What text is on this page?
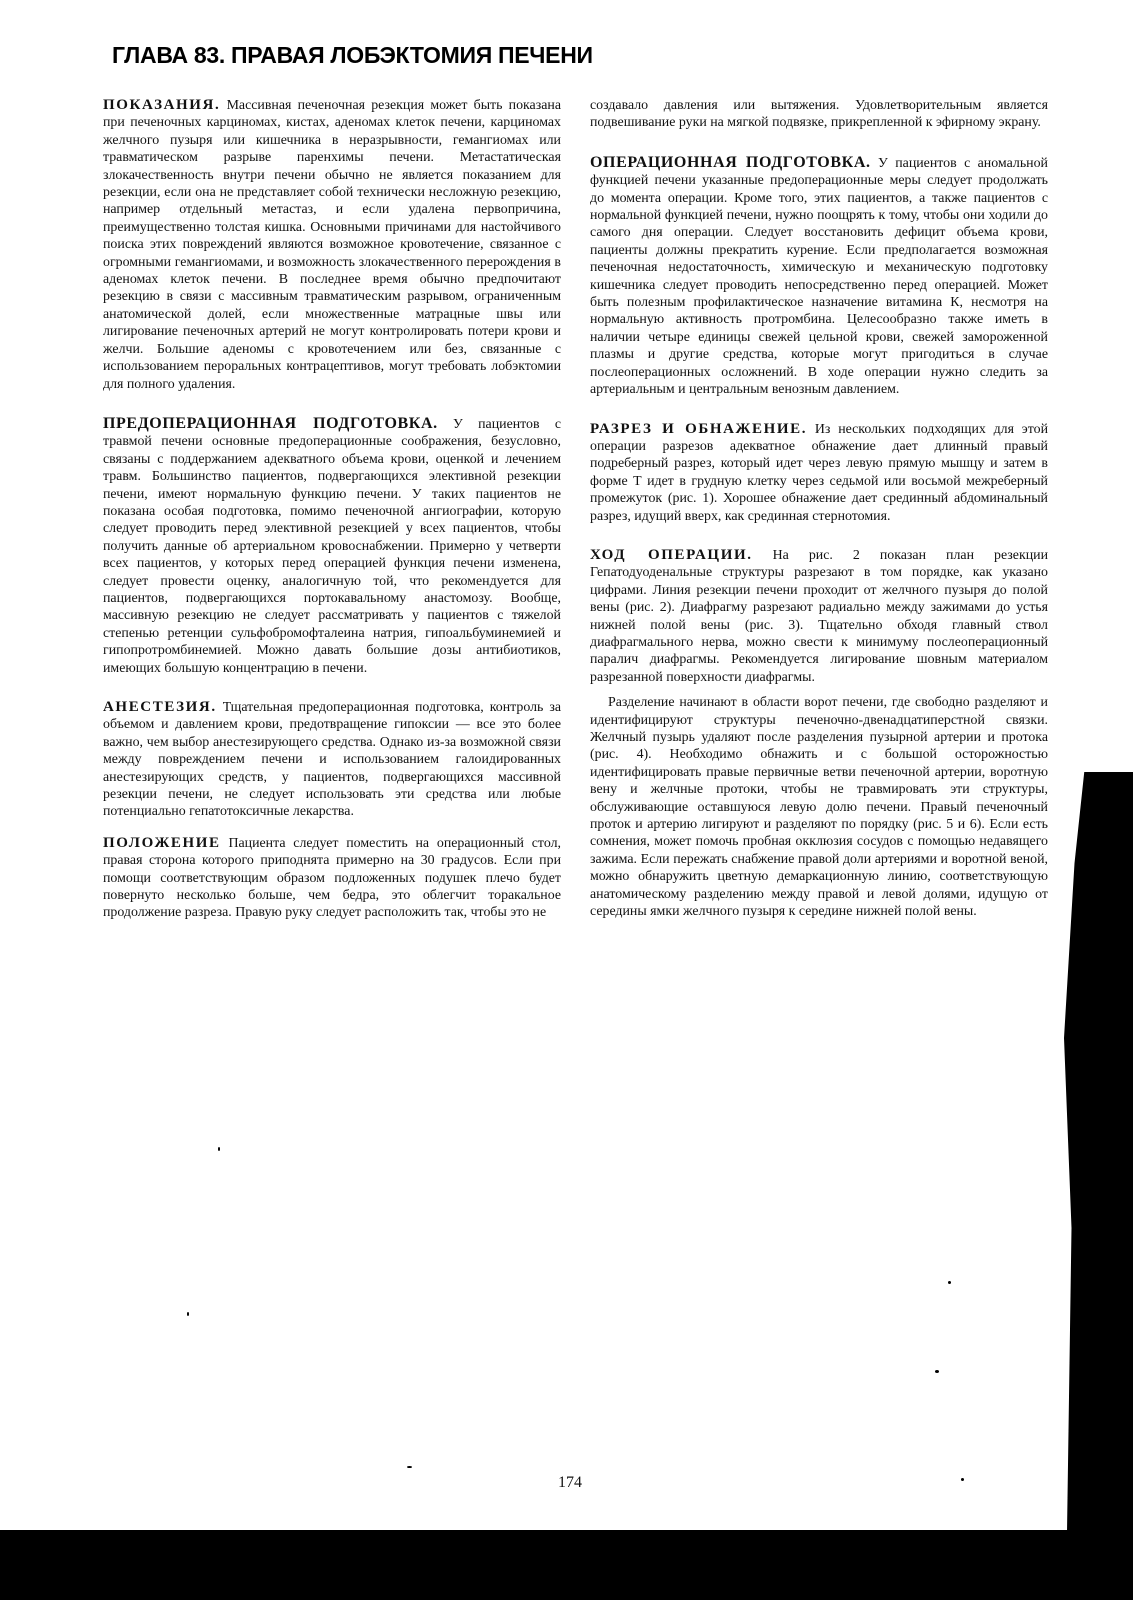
ГЛАВА 83. ПРАВАЯ ЛОБЭКТОМИЯ ПЕЧЕНИ

ПОКАЗАНИЯ. Массивная печеночная резекция может быть показана при печеночных карциномах, кистах, аденомах клеток печени, карциномах желчного пузыря или кишечника в неразрывности, гемангиомах или травматическом разрыве паренхимы печени. Метастатическая злокачественность внутри печени обычно не является показанием для резекции, если она не представляет собой технически несложную резекцию, например отдельный метастаз, и если удалена первопричина, преимущественно толстая кишка. Основными причинами для настойчивого поиска этих повреждений являются возможное кровотечение, связанное с огромными гемангиомами, и возможность злокачественного перерождения в аденомах клеток печени. В последнее время обычно предпочитают резекцию в связи с массивным травматическим разрывом, ограниченным анатомической долей, если множественные матрацные швы или лигирование печеночных артерий не могут контролировать потери крови и желчи. Большие аденомы с кровотечением или без, связанные с использованием пероральных контрацептивов, могут требовать лобэктомии для полного удаления.

ПРЕДОПЕРАЦИОННАЯ ПОДГОТОВКА. У пациентов с травмой печени основные предоперационные соображения, безусловно, связаны с поддержанием адекватного объема крови, оценкой и лечением травм. Большинство пациентов, подвергающихся элективной резекции печени, имеют нормальную функцию печени. У таких пациентов не показана особая подготовка, помимо печеночной ангиографии, которую следует проводить перед элективной резекцией у всех пациентов, чтобы получить данные об артериальном кровоснабжении. Примерно у четверти всех пациентов, у которых перед операцией функция печени изменена, следует провести оценку, аналогичную той, что рекомендуется для пациентов, подвергающихся портокавальному анастомозу. Вообще, массивную резекцию не следует рассматривать у пациентов с тяжелой степенью ретенции сульфобромофталеина натрия, гипоальбуминемией и гипопротромбинемией. Можно давать большие дозы антибиотиков, имеющих большую концентрацию в печени.

АНЕСТЕЗИЯ. Тщательная предоперационная подготовка, контроль за объемом и давлением крови, предотвращение гипоксии — все это более важно, чем выбор анестезирующего средства. Однако из-за возможной связи между повреждением печени и использованием галоидированных анестезирующих средств, у пациентов, подвергающихся массивной резекции печени, не следует использовать эти средства или любые потенциально гепатотоксичные лекарства.

ПОЛОЖЕНИЕ Пациента следует поместить на операционный стол, правая сторона которого приподнята примерно на 30 градусов. Если при помощи соответствующим образом подложенных подушек плечо будет повернуто несколько больше, чем бедра, это облегчит торакальное продолжение разреза. Правую руку следует расположить так, чтобы это не

создавало давления или вытяжения. Удовлетворительным является подвешивание руки на мягкой подвязке, прикрепленной к эфирному экрану.

ОПЕРАЦИОННАЯ ПОДГОТОВКА. У пациентов с аномальной функцией печени указанные предоперационные меры следует продолжать до момента операции. Кроме того, этих пациентов, а также пациентов с нормальной функцией печени, нужно поощрять к тому, чтобы они ходили до самого дня операции. Следует восстановить дефицит объема крови, пациенты должны прекратить курение. Если предполагается возможная печеночная недостаточность, химическую и механическую подготовку кишечника следует проводить непосредственно перед операцией. Может быть полезным профилактическое назначение витамина К, несмотря на нормальную активность протромбина. Целесообразно также иметь в наличии четыре единицы свежей цельной крови, свежей замороженной плазмы и другие средства, которые могут пригодиться в случае послеоперационных осложнений. В ходе операции нужно следить за артериальным и центральным венозным давлением.

РАЗРЕЗ И ОБНАЖЕНИЕ. Из нескольких подходящих для этой операции разрезов адекватное обнажение дает длинный правый подреберный разрез, который идет через левую прямую мышцу и затем в форме Т идет в грудную клетку через седьмой или восьмой межреберный промежуток (рис. 1). Хорошее обнажение дает срединный абдоминальный разрез, идущий вверх, как срединная стернотомия.

ХОД ОПЕРАЦИИ. На рис. 2 показан план резекции Гепатодуоденальные структуры разрезают в том порядке, как указано цифрами. Линия резекции печени проходит от желчного пузыря до полой вены (рис. 2). Диафрагму разрезают радиально между зажимами до устья нижней полой вены (рис. 3). Тщательно обходя главный ствол диафрагмального нерва, можно свести к минимуму послеоперационный паралич диафрагмы. Рекомендуется лигирование шовным материалом разрезанной поверхности диафрагмы.

Разделение начинают в области ворот печени, где свободно разделяют и идентифицируют структуры печеночно-двенадцатиперстной связки. Желчный пузырь удаляют после разделения пузырной артерии и протока (рис. 4). Необходимо обнажить и с большой осторожностью идентифицировать правые первичные ветви печеночной артерии, воротную вену и желчные протоки, чтобы не травмировать эти структуры, обслуживающие оставшуюся левую долю печени. Правый печеночный проток и артерию лигируют и разделяют по порядку (рис. 5 и 6). Если есть сомнения, может помочь пробная окклюзия сосудов с помощью недавящего зажима. Если пережать снабжение правой доли артериями и воротной веной, можно обнаружить цветную демаркационную линию, соответствующую анатомическому разделению между правой и левой долями, идущую от середины ямки желчного пузыря к середине нижней полой вены.

174
